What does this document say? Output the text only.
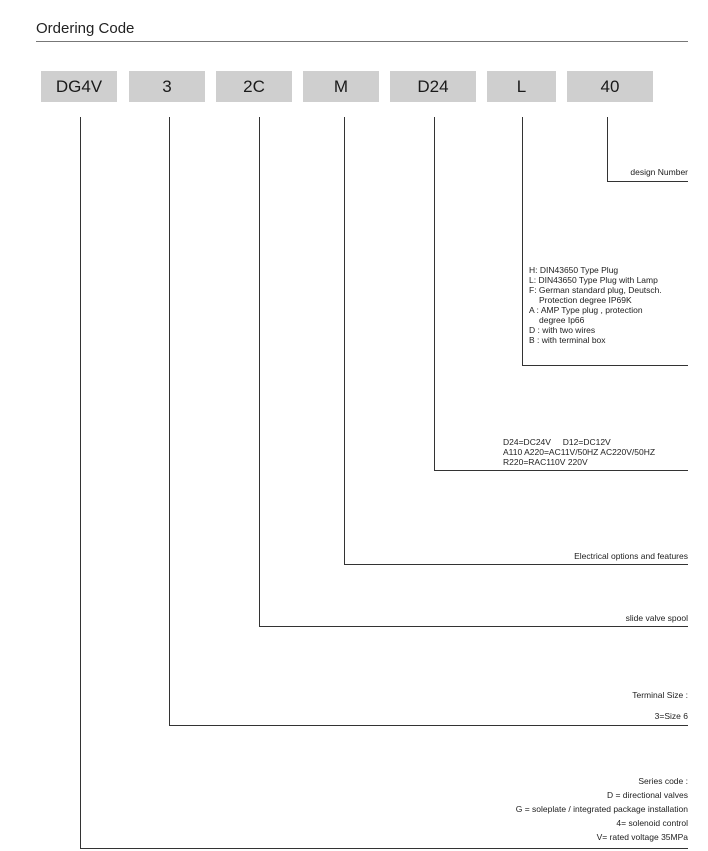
Ordering Code
DG4V	3	2C	M	D24	L	40
design Number
H: DIN43650 Type Plug
L: DIN43650 Type Plug with Lamp
F: German standard plug, Deutsch.
Protection degree IP69K
A : AMP Type plug , protection
degree Ip66
D : with two wires
B : with terminal box
D24=DC24V     D12=DC12V
A110 A220=AC11V/50HZ AC220V/50HZ
R220=RAC110V 220V
Electrical options and features
slide valve spool
Terminal Size :
3=Size 6
Series code :
D = directional valves
G = soleplate / integrated package installation
4= solenoid control
V= rated voltage 35MPa
